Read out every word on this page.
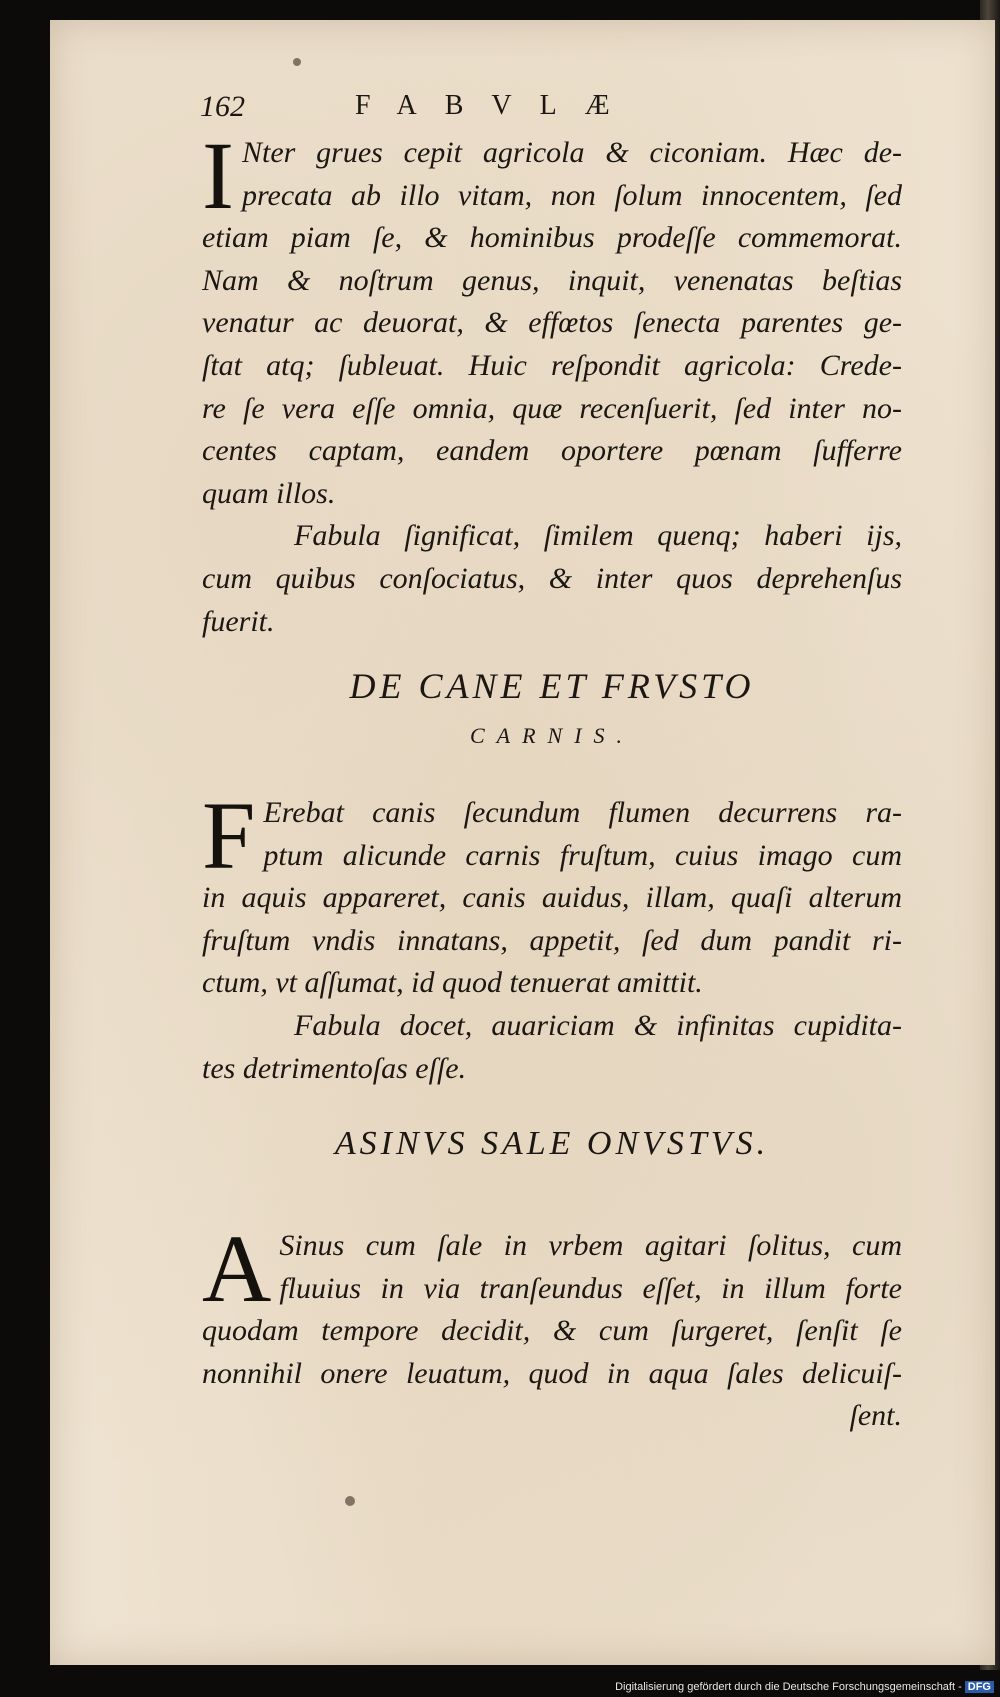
162	FABVLÆ
I Nter grues cepit agricola & ciconiam. Hæc de-
precata ab illo vitam, non ſolum innocentem, ſed
etiam piam ſe, & hominibus prodeſſe commemorat.
Nam & noſtrum genus, inquit, venenatas beſtias
venatur ac deuorat, & effœtos ſenecta parentes ge-
ſtat atq; ſubleuat. Huic reſpondit agricola: Crede-
re ſe vera eſſe omnia, quæ recenſuerit, ſed inter no-
centes captam, eandem oportere pœnam ſufferre
quam illos.
Fabula ſignificat, ſimilem quenq; haberi ijs,
cum quibus conſociatus, & inter quos deprehenſus
fuerit.
DE CANE ET FRVSTO
CARNIS.
F Erebat canis ſecundum flumen decurrens ra-
ptum alicunde carnis fruſtum, cuius imago cum
in aquis appareret, canis auidus, illam, quaſi alterum
fruſtum vndis innatans, appetit, ſed dum pandit ri-
ctum, vt aſſumat, id quod tenuerat amittit.
Fabula docet, auariciam & infinitas cupidita-
tes detrimentoſas eſſe.
ASINVS SALE ONVSTVS.
A Sinus cum ſale in vrbem agitari ſolitus, cum
fluuius in via tranſeundus eſſet, in illum forte
quodam tempore decidit, & cum ſurgeret, ſenſit ſe
nonnihil onere leuatum, quod in aqua ſales delicuiſ-
ſent.
Digitalisierung gefördert durch die Deutsche Forschungsgemeinschaft - DFG
